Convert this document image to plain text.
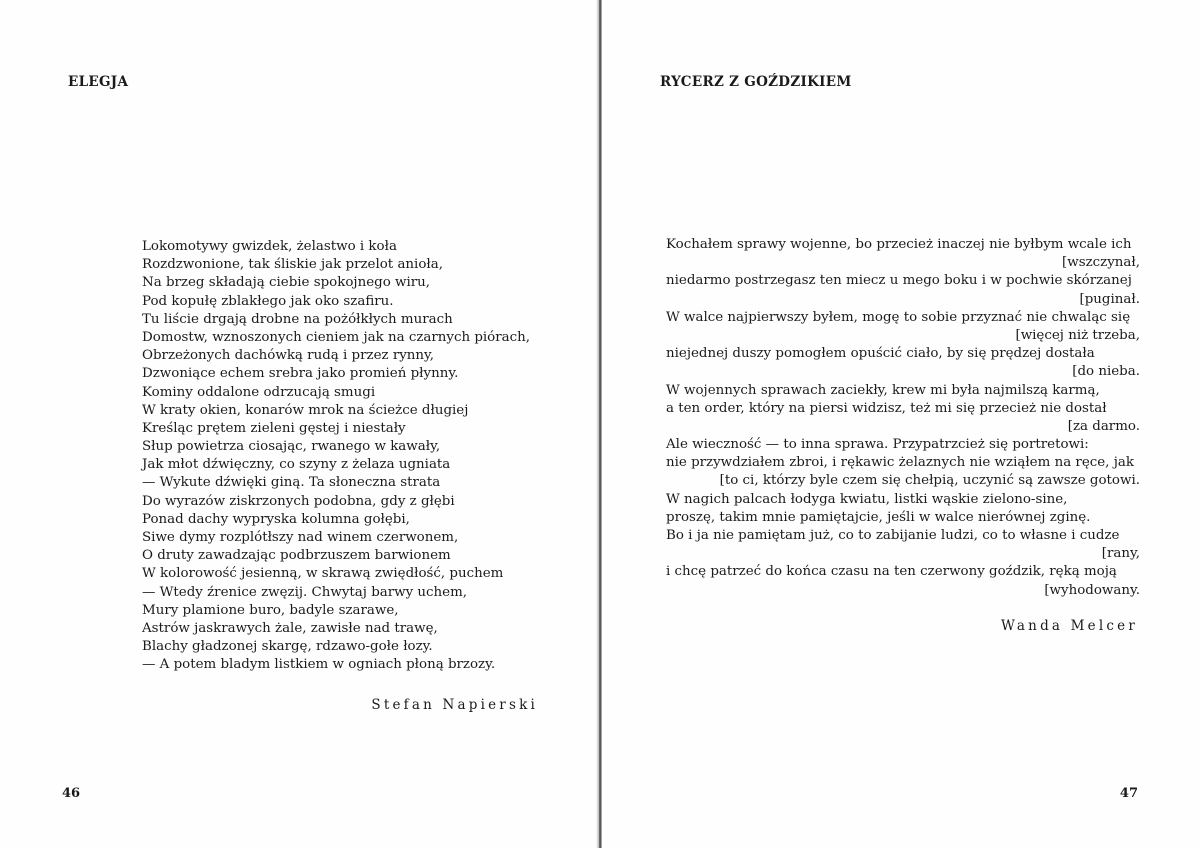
ELEGJA
Lokomotywy gwizdek, żelastwo i koła
Rozdzwonione, tak śliskie jak przelot anioła,
Na brzeg składają ciebie spokojnego wiru,
Pod kopułę zblakłego jak oko szafiru.
Tu liście drgają drobne na pożółkłych murach
Domostw, wznoszonych cieniem jak na czarnych piórach,
Obrzeżonych dachówką rudą i przez rynny,
Dzwoniące echem srebra jako promień płynny.
Kominy oddalone odrzucają smugi
W kraty okien, konarów mrok na ścieżce długiej
Kreśląc prętem zieleni gęstej i niestały
Słup powietrza ciosając, rwanego w kawały,
Jak młot dźwięczny, co szyny z żelaza ugniata
— Wykute dźwięki giną. Ta słoneczna strata
Do wyrazów ziskrzonych podobna, gdy z głębi
Ponad dachy wypryska kolumna gołębi,
Siwe dymy rozplótłszy nad winem czerwonem,
O druty zawadzając podbrzuszem barwionem
W kolorowość jesienną, w skrawą zwiędłość, puchem
— Wtedy źrenice zwęzij. Chwytaj barwy uchem,
Mury plamione buro, badyle szarawe,
Astrów jaskrawych żale, zawisłe nad trawę,
Blachy gładzonej skargę, rdzawo-gołe łozy.
— A potem bladym listkiem w ogniach płoną brzozy.

Stefan Napierski

46

RYCERZ Z GOŹDZIKIEM
Kochałem sprawy wojenne, bo przecież inaczej nie byłbym wcale ich
[wszczynał,
niedarmo postrzegasz ten miecz u mego boku i w pochwie skórzanej
[puginał.
W walce najpierwszy byłem, mogę to sobie przyznać nie chwaląc się
[więcej niż trzeba,
niejednej duszy pomogłem opuścić ciało, by się prędzej dostała
[do nieba.
W wojennych sprawach zaciekły, krew mi była najmilszą karmą,
a ten order, który na piersi widzisz, też mi się przecież nie dostał
[za darmo.
Ale wieczność — to inna sprawa. Przypatrzcież się portretowi:
nie przywdziałem zbroi, i rękawic żelaznych nie wziąłem na ręce, jak
[to ci, którzy byle czem się chełpią, uczynić są zawsze gotowi.
W nagich palcach łodyga kwiatu, listki wąskie zielono-sine,
proszę, takim mnie pamiętajcie, jeśli w walce nierównej zginę.
Bo i ja nie pamiętam już, co to zabijanie ludzi, co to własne i cudze
[rany,
i chcę patrzeć do końca czasu na ten czerwony goździk, ręką moją
[wyhodowany.

Wanda Melcer

47
